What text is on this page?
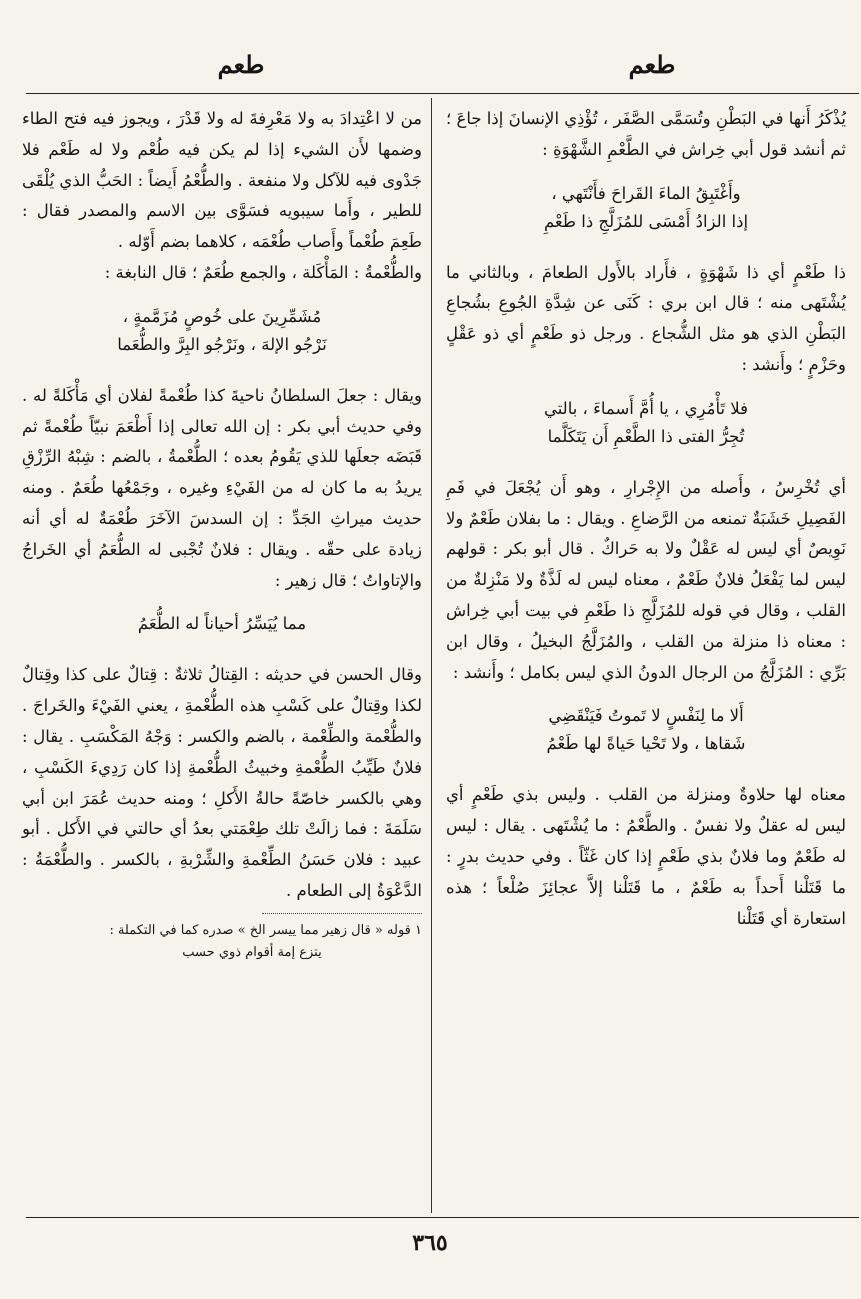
طعم
طعم

يُذْكَرُ أَنها في البَطْنِ وتُسَمَّى الصَّفَر ، تُؤْذِي الإنسانَ إذا جاعَ ؛ ثم أنشد قول أبي خِراش في الطَّعْمِ الشَّهْوَةِ :

وأَغْتَبِقُ الماءَ القَراحَ فأَنْتَهي ،
إذا الزادُ أَمْسَى للمُزَلَّجِ ذا طَعْمِ

ذا طَعْمٍ أي ذا شَهْوَةٍ ، فأَراد بالأَول الطعامَ ، وبالثاني ما يُشْتَهى منه ؛ قال ابن بري : كَنَى عن شِدَّةِ الجُوعِ بشُجاعِ البَطْنِ الذي هو مثل الشُّجاع . ورجل ذو طَعْمٍ أي ذو عَقْلٍ وحَزْمٍ ؛ وأَنشد :

فلا تَأْمُرِي ، يا أُمَّ أَسماءَ ، بالتي
تُجِرُّ الفتى ذا الطَّعْمِ أَن يَتَكَلَّما

أي تُخْرِسُ ، وأَصله من الإِجْرارِ ، وهو أَن يُجْعَلَ في فَمِ الفَصِيلِ خَشَبَةٌ تمنعه من الرَّضاعِ . ويقال : ما بفلان طَعْمٌ ولا نَوِيصٌ أي ليس له عَقْلٌ ولا به حَراكٌ . قال أبو بكر : قولهم ليس لما يَفْعَلُ فلانٌ طَعْمٌ ، معناه ليس له لَذَّةٌ ولا مَنْزِلةٌ من القلب ، وقال في قوله للمُزَلَّجِ ذا طَعْمِ في بيت أبي خِراش : معناه ذا منزلة من القلب ، والمُزَلَّجُ البخيلُ ، وقال ابن بَرِّي : المُزَلَّجُ من الرجال الدونُ الذي ليس بكامل ؛ وأَنشد :

أَلا ما لِنَفْسٍ لا تَموتُ فَيَنْقَضِي
شَقاها ، ولا تَحْيا حَياةً لها طَعْمُ

معناه لها حلاوةٌ ومنزلة من القلب . وليس بذي طَعْمٍ أي ليس له عقلٌ ولا نفسٌ . والطَّعْمُ : ما يُشْتَهى . يقال : ليس له طَعْمٌ وما فلانٌ بذي طَعْمٍ إذا كان غَثّاً . وفي حديث بدرٍ : ما قَتَلْنا أَحداً به طَعْمٌ ، ما قَتَلْنا إلاَّ عجائِزَ صُلْعاً ؛ هذه استعارة أي قَتَلْنا

من لا اعْتِدادَ به ولا مَعْرِفةَ له ولا قَدْرَ ، ويجوز فيه فتح الطاء وضمها لأَن الشيء إذا لم يكن فيه طُعْم ولا له طَعْم فلا جَدْوى فيه للآكل ولا منفعة . والطُّعْمُ أَيضاً : الحَبُّ الذي يُلْقَى للطير ، وأَما سيبويه فسَوَّى بين الاسم والمصدر فقال : طَعِمَ طُعْماً وأَصاب طُعْمَه ، كلاهما بضم أَوّله .

والطُّعْمةُ : المَأْكَلة ، والجمع طُعَمٌ ؛ قال النابغة :

مُشَمِّرِينَ على خُوصٍ مُزَمَّمةٍ ،
نَرْجُو الإلهَ ، ونَرْجُو البِرَّ والطُّعَما

ويقال : جعلَ السلطانُ ناحيةَ كذا طُعْمةً لفلان أي مَأْكَلةً له . وفي حديث أبي بكر : إن الله تعالى إذا أَطْعَمَ نبيّاً طُعْمةً ثم قَبَضَه جعلَها للذي يَقُومُ بعده ؛ الطُّعْمةُ ، بالضم : شِبْهُ الرِّزْقِ يريدُ به ما كان له من الفَيْءِ وغيره ، وجَمْعُها طُعَمٌ . ومنه حديث ميراثِ الجَدِّ : إن السدسَ الآخَرَ طُعْمَةٌ له أي أنه زيادة على حقّه . ويقال : فلانٌ تُجْبى له الطُّعَمُ أي الخَراجُ والإتاواتُ ؛ قال زهير :

مما يُيَسِّرُ أحياناً له الطُّعَمُ

وقال الحسن في حديثه : القِتالُ ثلاثةٌ : قِتالٌ على كذا وقِتالٌ لكذا وقِتالٌ على كَسْبِ هذه الطُّعْمةِ ، يعني الفَيْءَ والخَراجَ . والطُّعْمة والطِّعْمة ، بالضم والكسر : وَجْهُ المَكْسَبِ . يقال : فلانٌ طَيِّبُ الطُّعْمةِ وخبيثُ الطُّعْمةِ إذا كان رَدِيءَ الكَسْبِ ، وهي بالكسر خاصّةً حالةُ الأَكلِ ؛ ومنه حديث عُمَرَ ابن أبي سَلَمَةَ : فما زالَتْ تلك طِعْمَتي بعدُ أي حالتي في الأَكل . أبو عبيد : فلان حَسَنُ الطِّعْمةِ والشِّرْبةِ ، بالكسر . والطُّعْمَةُ : الدَّعْوَةُ إلى الطعام .

١ قوله « قال زهير مما ييسر الخ » صدره كما في التكملة :
يتزع إمة أقوام ذوي حسب
٣٦٥
